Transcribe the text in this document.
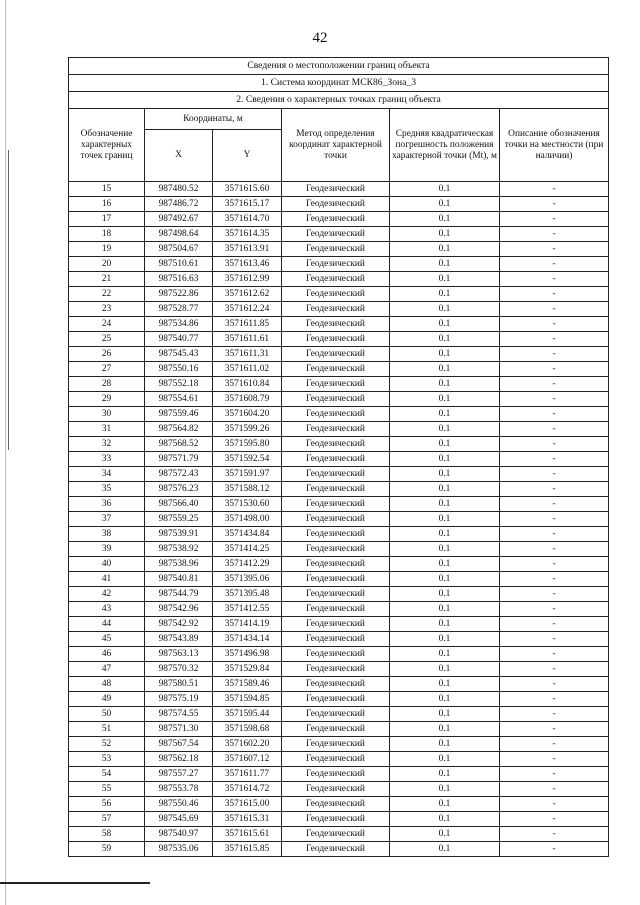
42
Сведения о местоположении границ объекта					
1. Система координат МСК86_Зона_3					
2. Сведения о характерных точках границ объекта					
Обозначение характерных точек границ	Координаты, м		Метод определения координат характерной точки	Средняя квадратическая погрешность положения характерной точки (Mt), м	Описание обозначения точки на местности (при наличии)
	X	Y			
15	987480.52	3571615.60	Геодезический	0.1	-
16	987486.72	3571615.17	Геодезический	0.1	-
17	987492.67	3571614.70	Геодезический	0.1	-
18	987498.64	3571614.35	Геодезический	0.1	-
19	987504.67	3571613.91	Геодезический	0.1	-
20	987510.61	3571613.46	Геодезический	0.1	-
21	987516.63	3571612.99	Геодезический	0.1	-
22	987522.86	3571612.62	Геодезический	0.1	-
23	987528.77	3571612.24	Геодезический	0.1	-
24	987534.86	3571611.85	Геодезический	0.1	-
25	987540.77	3571611.61	Геодезический	0.1	-
26	987545.43	3571611.31	Геодезический	0.1	-
27	987550.16	3571611.02	Геодезический	0.1	-
28	987552.18	3571610.84	Геодезический	0.1	-
29	987554.61	3571608.79	Геодезический	0.1	-
30	987559.46	3571604.20	Геодезический	0.1	-
31	987564.82	3571599.26	Геодезический	0.1	-
32	987568.52	3571595.80	Геодезический	0.1	-
33	987571.79	3571592.54	Геодезический	0.1	-
34	987572.43	3571591.97	Геодезический	0.1	-
35	987576.23	3571588.12	Геодезический	0.1	-
36	987566.40	3571530.60	Геодезический	0.1	-
37	987559.25	3571498.00	Геодезический	0.1	-
38	987539.91	3571434.84	Геодезический	0.1	-
39	987538.92	3571414.25	Геодезический	0.1	-
40	987538.96	3571412.29	Геодезический	0.1	-
41	987540.81	3571395.06	Геодезический	0.1	-
42	987544.79	3571395.48	Геодезический	0.1	-
43	987542.96	3571412.55	Геодезический	0.1	-
44	987542.92	3571414.19	Геодезический	0.1	-
45	987543.89	3571434.14	Геодезический	0.1	-
46	987563.13	3571496.98	Геодезический	0.1	-
47	987570.32	3571529.84	Геодезический	0.1	-
48	987580.51	3571589.46	Геодезический	0.1	-
49	987575.19	3571594.85	Геодезический	0.1	-
50	987574.55	3571595.44	Геодезический	0.1	-
51	987571.30	3571598.68	Геодезический	0.1	-
52	987567.54	3571602.20	Геодезический	0.1	-
53	987562.18	3571607.12	Геодезический	0.1	-
54	987557.27	3571611.77	Геодезический	0.1	-
55	987553.78	3571614.72	Геодезический	0.1	-
56	987550.46	3571615.00	Геодезический	0.1	-
57	987545.69	3571615.31	Геодезический	0.1	-
58	987540.97	3571615.61	Геодезический	0.1	-
59	987535.06	3571615.85	Геодезический	0.1	-
